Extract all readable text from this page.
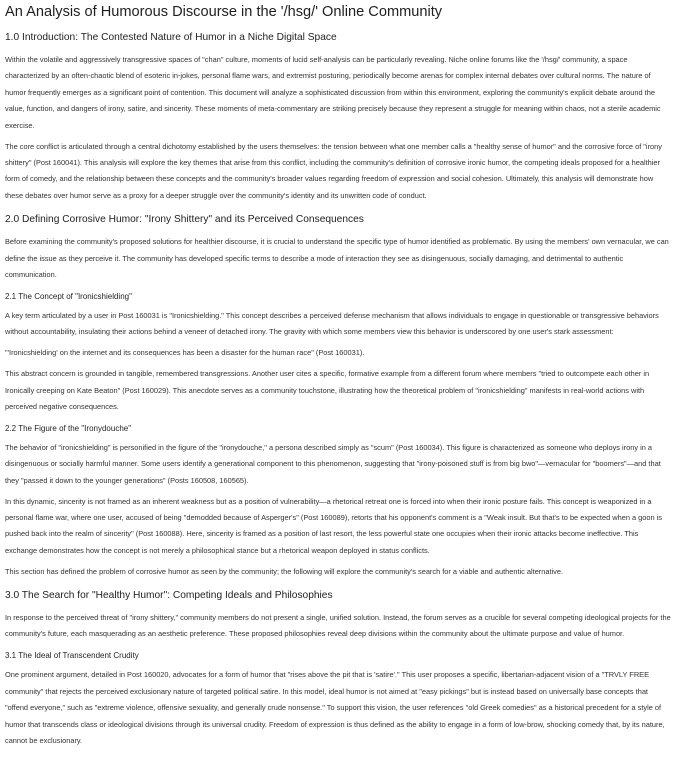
An Analysis of Humorous Discourse in the '/hsg/' Online Community
1.0 Introduction: The Contested Nature of Humor in a Niche Digital Space

Within the volatile and aggressively transgressive spaces of "chan" culture, moments of lucid self-analysis can be particularly revealing. Niche online forums like the '/hsg/' community, a space characterized by an often-chaotic blend of esoteric in-jokes, personal flame wars, and extremist posturing, periodically become arenas for complex internal debates over cultural norms. The nature of humor frequently emerges as a significant point of contention. This document will analyze a sophisticated discussion from within this environment, exploring the community's explicit debate around the value, function, and dangers of irony, satire, and sincerity. These moments of meta-commentary are striking precisely because they represent a struggle for meaning within chaos, not a sterile academic exercise.

The core conflict is articulated through a central dichotomy established by the users themselves: the tension between what one member calls a "healthy sense of humor" and the corrosive force of "irony shittery" (Post 160041). This analysis will explore the key themes that arise from this conflict, including the community's definition of corrosive ironic humor, the competing ideals proposed for a healthier form of comedy, and the relationship between these concepts and the community's broader values regarding freedom of expression and social cohesion. Ultimately, this analysis will demonstrate how these debates over humor serve as a proxy for a deeper struggle over the community's identity and its unwritten code of conduct.

2.0 Defining Corrosive Humor: "Irony Shittery" and its Perceived Consequences

Before examining the community's proposed solutions for healthier discourse, it is crucial to understand the specific type of humor identified as problematic. By using the members' own vernacular, we can define the issue as they perceive it. The community has developed specific terms to describe a mode of interaction they see as disingenuous, socially damaging, and detrimental to authentic communication.

2.1 The Concept of "Ironicshielding"

A key term articulated by a user in Post 160031 is "Ironicshielding." This concept describes a perceived defense mechanism that allows individuals to engage in questionable or transgressive behaviors without accountability, insulating their actions behind a veneer of detached irony. The gravity with which some members view this behavior is underscored by one user's stark assessment:

"'Ironicshielding' on the internet and its consequences has been a disaster for the human race" (Post 160031).

This abstract concern is grounded in tangible, remembered transgressions. Another user cites a specific, formative example from a different forum where members "tried to outcompete each other in Ironically creeping on Kate Beaton" (Post 160029). This anecdote serves as a community touchstone, illustrating how the theoretical problem of "ironicshielding" manifests in real-world actions with perceived negative consequences.

2.2 The Figure of the "Ironydouche"

The behavior of "ironicshielding" is personified in the figure of the "ironydouche," a persona described simply as "scum" (Post 160034). This figure is characterized as someone who deploys irony in a disingenuous or socially harmful manner. Some users identify a generational component to this phenomenon, suggesting that "irony-poisoned stuff is from big bwo"—vernacular for "boomers"—and that they "passed it down to the younger generations" (Posts 160508, 160565).

In this dynamic, sincerity is not framed as an inherent weakness but as a position of vulnerability—a rhetorical retreat one is forced into when their ironic posture fails. This concept is weaponized in a personal flame war, where one user, accused of being "demodded because of Asperger's" (Post 160089), retorts that his opponent's comment is a "Weak insult. But that's to be expected when a goon is pushed back into the realm of sincerity" (Post 160088). Here, sincerity is framed as a position of last resort, the less powerful state one occupies when their ironic attacks become ineffective. This exchange demonstrates how the concept is not merely a philosophical stance but a rhetorical weapon deployed in status conflicts.

This section has defined the problem of corrosive humor as seen by the community; the following will explore the community's search for a viable and authentic alternative.

3.0 The Search for "Healthy Humor": Competing Ideals and Philosophies

In response to the perceived threat of "irony shittery," community members do not present a single, unified solution. Instead, the forum serves as a crucible for several competing ideological projects for the community's future, each masquerading as an aesthetic preference. These proposed philosophies reveal deep divisions within the community about the ultimate purpose and value of humor.

3.1 The Ideal of Transcendent Crudity

One prominent argument, detailed in Post 160020, advocates for a form of humor that "rises above the pit that is 'satire'." This user proposes a specific, libertarian-adjacent vision of a "TRVLY FREE community" that rejects the perceived exclusionary nature of targeted political satire. In this model, ideal humor is not aimed at "easy pickings" but is instead based on universally base concepts that "offend everyone," such as "extreme violence, offensive sexuality, and generally crude nonsense." To support this vision, the user references "old Greek comedies" as a historical precedent for a style of humor that transcends class or ideological divisions through its universal crudity. Freedom of expression is thus defined as the ability to engage in a form of low-brow, shocking comedy that, by its nature, cannot be exclusionary.
